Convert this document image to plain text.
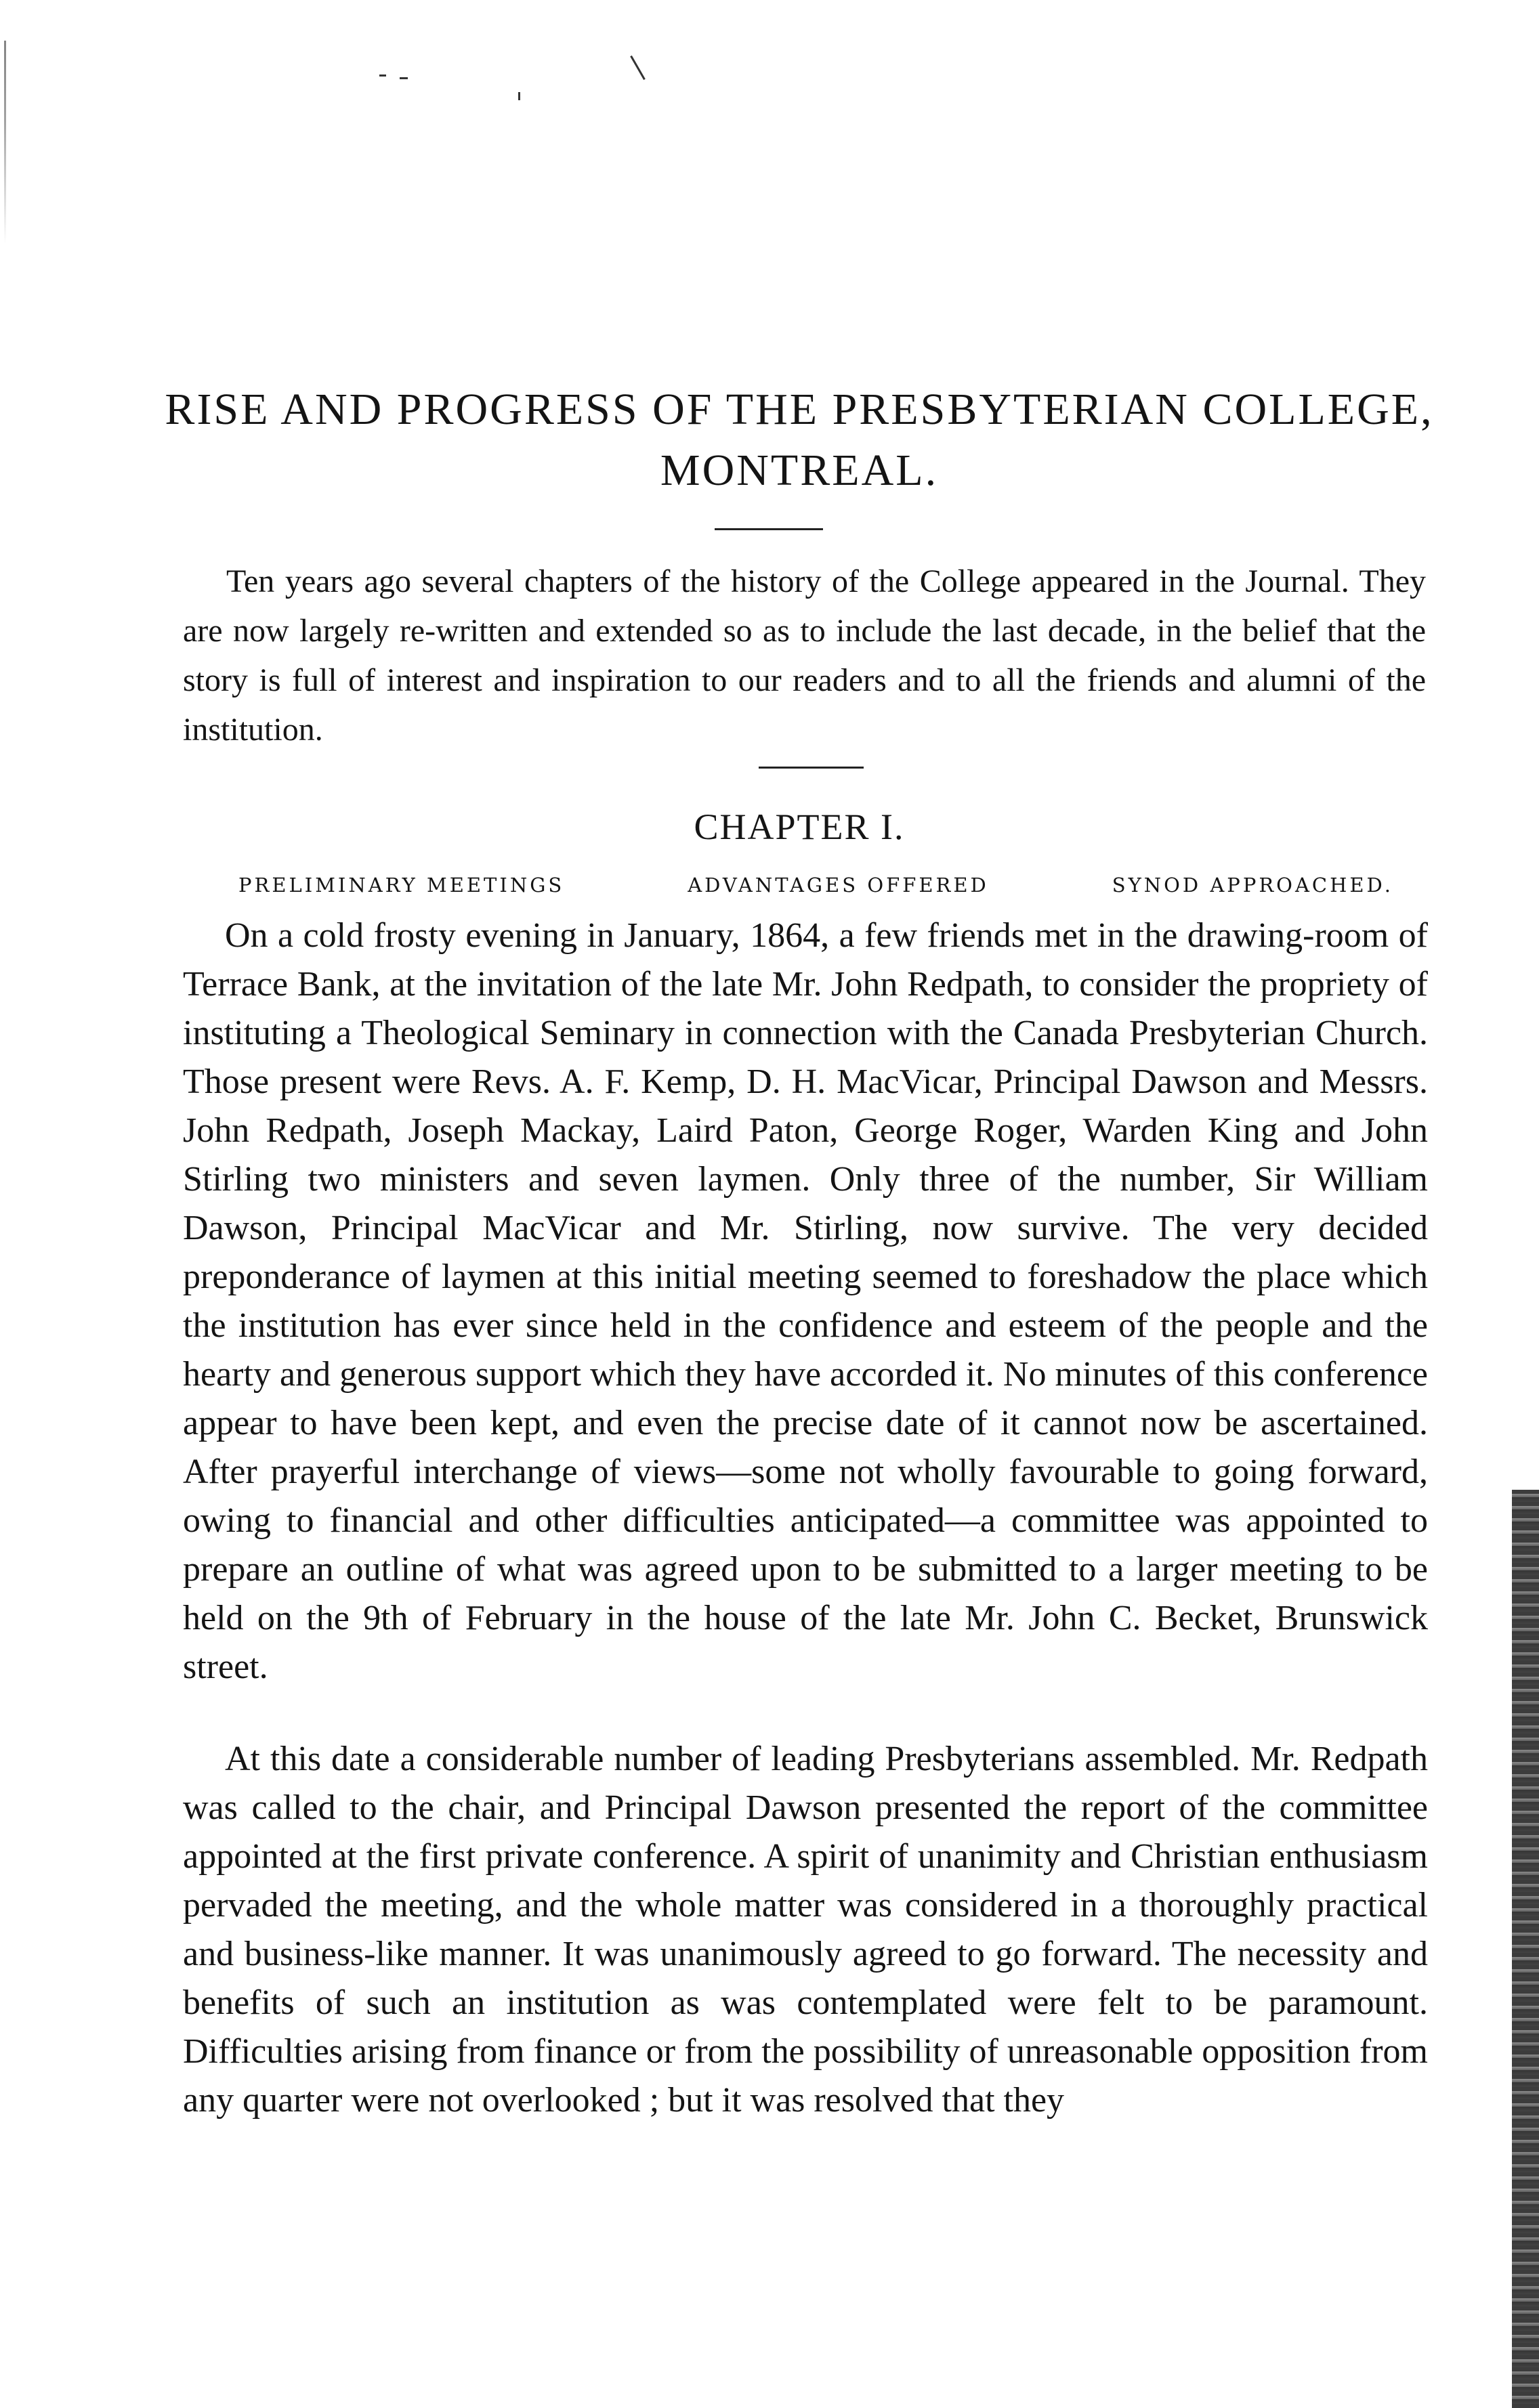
RISE AND PROGRESS OF THE PRESBYTERIAN COLLEGE, MONTREAL.

Ten years ago several chapters of the history of the College appeared in the Journal. They are now largely re-written and extended so as to include the last decade, in the belief that the story is full of interest and inspiration to our readers and to all the friends and alumni of the institution.

CHAPTER I.
PRELIMINARY MEETINGS	ADVANTAGES OFFERED	SYNOD APPROACHED.

On a cold frosty evening in January, 1864, a few friends met in the drawing-room of Terrace Bank, at the invitation of the late Mr. John Redpath, to consider the propriety of instituting a Theological Seminary in connection with the Canada Presbyterian Church. Those present were Revs. A. F. Kemp, D. H. MacVicar, Principal Dawson and Messrs. John Redpath, Joseph Mackay, Laird Paton, George Roger, Warden King and John Stirling two ministers and seven laymen. Only three of the number, Sir William Dawson, Principal MacVicar and Mr. Stirling, now survive. The very decided preponderance of laymen at this initial meeting seemed to foreshadow the place which the institution has ever since held in the confidence and esteem of the people and the hearty and generous support which they have accorded it. No minutes of this conference appear to have been kept, and even the precise date of it cannot now be ascertained. After prayerful interchange of views—some not wholly favourable to going forward, owing to financial and other difficulties anticipated—a committee was appointed to prepare an outline of what was agreed upon to be submitted to a larger meeting to be held on the 9th of February in the house of the late Mr. John C. Becket, Brunswick street.

At this date a considerable number of leading Presbyterians assembled. Mr. Redpath was called to the chair, and Principal Dawson presented the report of the committee appointed at the first private conference. A spirit of unanimity and Christian enthusiasm pervaded the meeting, and the whole matter was considered in a thoroughly practical and business-like manner. It was unanimously agreed to go forward. The necessity and benefits of such an institution as was contemplated were felt to be paramount. Difficulties arising from finance or from the possibility of unreasonable opposition from any quarter were not overlooked ; but it was resolved that they
